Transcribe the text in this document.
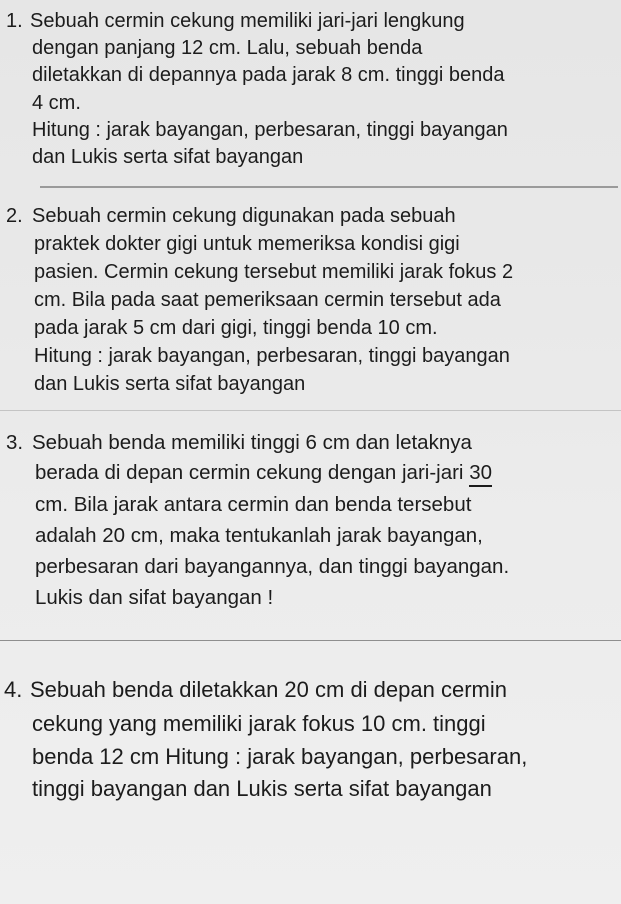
1. Sebuah cermin cekung memiliki jari-jari lengkung
dengan panjang 12 cm. Lalu, sebuah benda
diletakkan di depannya pada jarak 8 cm. tinggi benda
4 cm.
Hitung : jarak bayangan, perbesaran, tinggi bayangan
dan Lukis serta sifat bayangan
2. Sebuah cermin cekung digunakan pada sebuah
praktek dokter gigi untuk memeriksa kondisi gigi
pasien. Cermin cekung tersebut memiliki jarak fokus 2
cm. Bila pada saat pemeriksaan cermin tersebut ada
pada jarak 5 cm dari gigi, tinggi benda 10 cm.
Hitung : jarak bayangan, perbesaran, tinggi bayangan
dan Lukis serta sifat bayangan
3. Sebuah benda memiliki tinggi 6 cm dan letaknya
berada di depan cermin cekung dengan jari-jari 30
cm. Bila jarak antara cermin dan benda tersebut
adalah 20 cm, maka tentukanlah jarak bayangan,
perbesaran dari bayangannya, dan tinggi bayangan.
Lukis dan sifat bayangan !
4. Sebuah benda diletakkan 20 cm di depan cermin
cekung yang memiliki jarak fokus 10 cm. tinggi
benda 12 cm Hitung : jarak bayangan, perbesaran,
tinggi bayangan dan Lukis serta sifat bayangan
